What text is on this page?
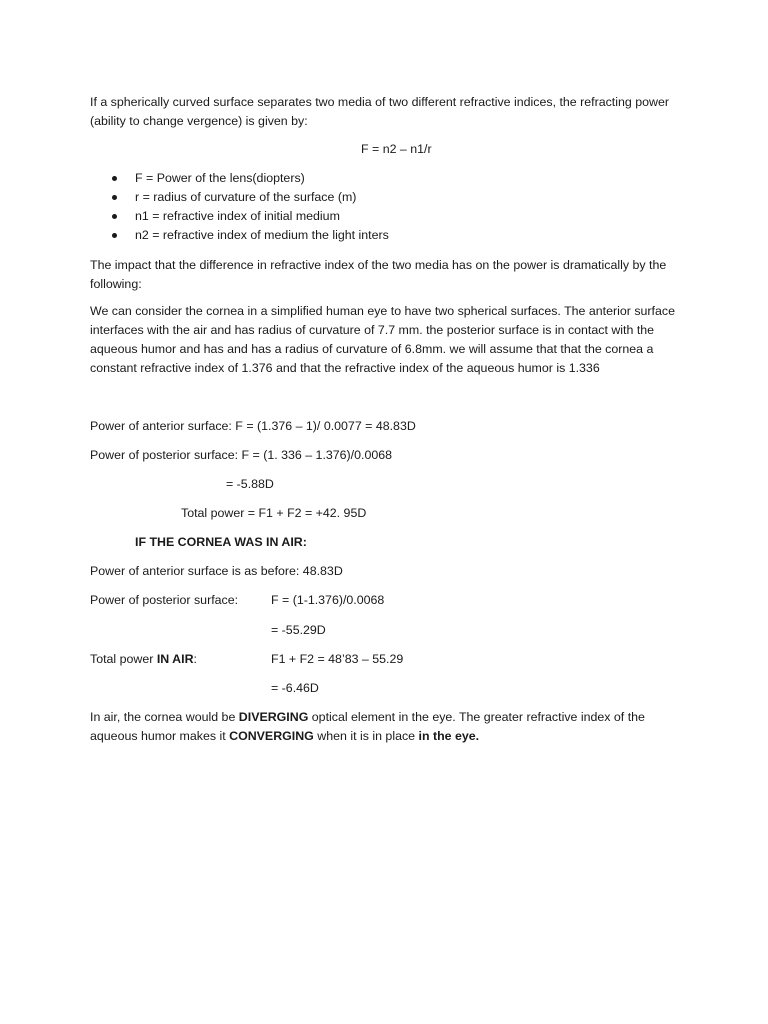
If a spherically curved surface separates two media of two different refractive indices, the refracting power (ability to change vergence) is given by:
F = n2 – n1/r
F = Power of the lens(diopters)
r = radius of curvature of the surface (m)
n1 = refractive index of initial medium
n2 = refractive index of medium the light inters
The impact that the difference in refractive index of the two media has on the power is dramatically by the following:
We can consider the cornea in a simplified human eye to have two spherical surfaces. The anterior surface interfaces with the air and has radius of curvature of 7.7 mm. the posterior surface is in contact with the aqueous humor and has and has a radius of curvature of 6.8mm. we will assume that that the cornea a constant refractive index of 1.376 and that the refractive index of the aqueous humor is 1.336
Power of anterior surface: F = (1.376 – 1)/ 0.0077 = 48.83D
Power of posterior surface: F = (1. 336 – 1.376)/0.0068
= -5.88D
Total power = F1 + F2 = +42. 95D
IF THE CORNEA WAS IN AIR:
Power of anterior surface is as before: 48.83D
Power of posterior surface:	F = (1-1.376)/0.0068
= -55.29D
Total power IN AIR:	F1 + F2 = 48’83 – 55.29
= -6.46D
In air, the cornea would be DIVERGING optical element in the eye. The greater refractive index of the aqueous humor makes it CONVERGING when it is in place in the eye.
